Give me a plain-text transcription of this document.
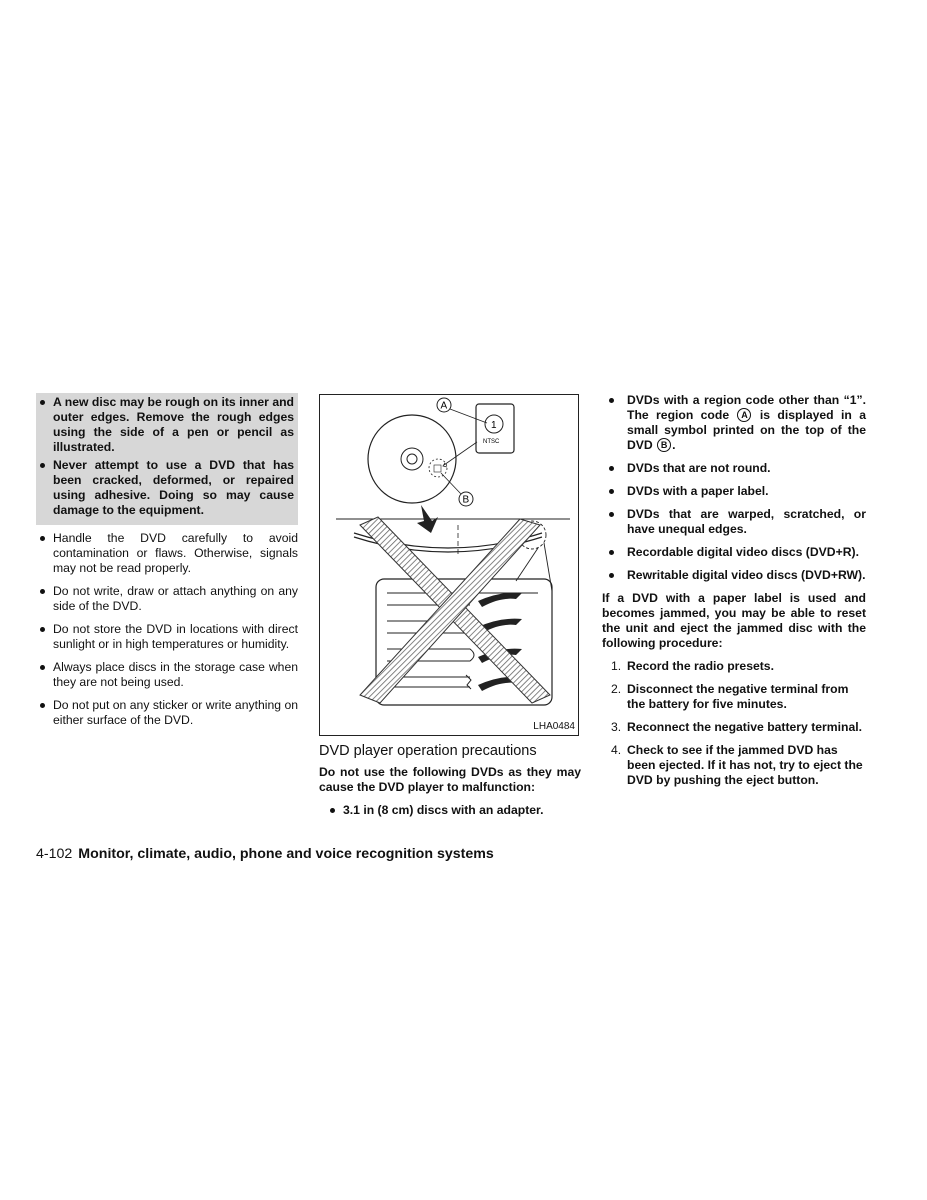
A new disc may be rough on its inner and outer edges. Remove the rough edges using the side of a pen or pencil as illustrated.
Never attempt to use a DVD that has been cracked, deformed, or repaired using adhesive. Doing so may cause damage to the equipment.
Handle the DVD carefully to avoid contamination or flaws. Otherwise, signals may not be read properly.
Do not write, draw or attach anything on any side of the DVD.
Do not store the DVD in locations with direct sunlight or in high temperatures or humidity.
Always place discs in the storage case when they are not being used.
Do not put on any sticker or write anything on either surface of the DVD.
1
NTSC
A
B
LHA0484
DVD player operation precautions
Do not use the following DVDs as they may cause the DVD player to malfunction:
3.1 in (8 cm) discs with an adapter.
DVDs with a region code other than “1”. The region code A is displayed in a small symbol printed on the top of the DVD B .
DVDs that are not round.
DVDs with a paper label.
DVDs that are warped, scratched, or have unequal edges.
Recordable digital video discs (DVD+R).
Rewritable digital video discs (DVD+RW).
If a DVD with a paper label is used and becomes jammed, you may be able to reset the unit and eject the jammed disc with the following procedure:
1. Record the radio presets.
2. Disconnect the negative terminal from the battery for five minutes.
3. Reconnect the negative battery terminal.
4. Check to see if the jammed DVD has been ejected. If it has not, try to eject the DVD by pushing the eject button.
4-102 Monitor, climate, audio, phone and voice recognition systems
